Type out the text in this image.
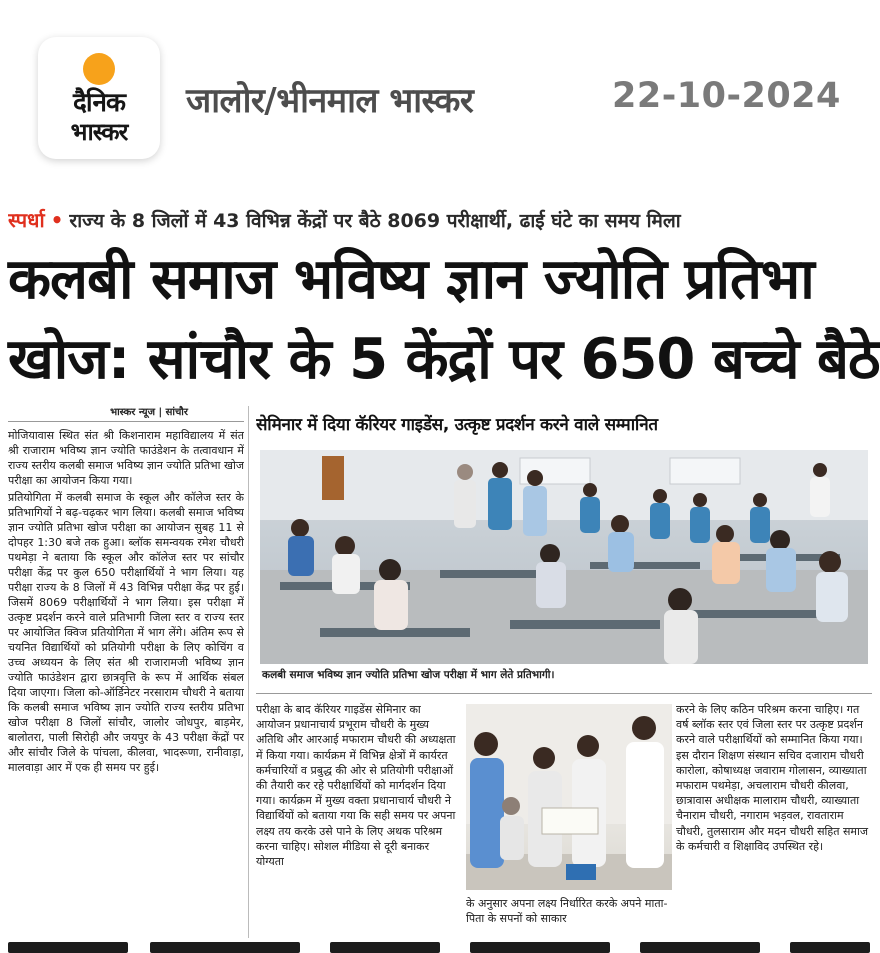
दैनिक
भास्कर
जालोर/भीनमाल भास्कर	22-10-2024
स्पर्धा • राज्य के 8 जिलों में 43 विभिन्न केंद्रों पर बैठे 8069 परीक्षार्थी, ढाई घंटे का समय मिला
कलबी समाज भविष्य ज्ञान ज्योति प्रतिभा
खोज: सांचौर के 5 केंद्रों पर 650 बच्चे बैठे
भास्कर न्यूज | सांचौर

मोजियावास स्थित संत श्री किशनाराम महाविद्यालय में संत श्री राजाराम भविष्य ज्ञान ज्योति फाउंडेशन के तत्वावधान में राज्य स्तरीय कलबी समाज भविष्य ज्ञान ज्योति प्रतिभा खोज परीक्षा का आयोजन किया गया।

प्रतियोगिता में कलबी समाज के स्कूल और कॉलेज स्तर के प्रतिभागियों ने बढ़-चढ़कर भाग लिया। कलबी समाज भविष्य ज्ञान ज्योति प्रतिभा खोज परीक्षा का आयोजन सुबह 11 से दोपहर 1:30 बजे तक हुआ। ब्लॉक समन्वयक रमेश चौधरी पथमेड़ा ने बताया कि स्कूल और कॉलेज स्तर पर सांचौर परीक्षा केंद्र पर कुल 650 परीक्षार्थियों ने भाग लिया। यह परीक्षा राज्य के 8 जिलों में 43 विभिन्न परीक्षा केंद्र पर हुई। जिसमें 8069 परीक्षार्थियों ने भाग लिया। इस परीक्षा में उत्कृष्ट प्रदर्शन करने वाले प्रतिभागी जिला स्तर व राज्य स्तर पर आयोजित क्विज प्रतियोगिता में भाग लेंगे। अंतिम रूप से चयनित विद्यार्थियों को प्रतियोगी परीक्षा के लिए कोचिंग व उच्च अध्ययन के लिए संत श्री राजारामजी भविष्य ज्ञान ज्योति फाउंडेशन द्वारा छात्रवृत्ति के रूप में आर्थिक संबल दिया जाएगा। जिला को-ऑर्डिनेटर नरसाराम चौधरी ने बताया कि कलबी समाज भविष्य ज्ञान ज्योति राज्य स्तरीय प्रतिभा खोज परीक्षा 8 जिलों सांचौर, जालोर जोधपुर, बाड़मेर, बालोतरा, पाली सिरोही और जयपुर के 43 परीक्षा केंद्रों पर और सांचौर जिले के पांचला, कीलवा, भादरूणा, रानीवाड़ा, मालवाड़ा आर में एक ही समय पर हुई।

सेमिनार में दिया कॅरियर गाइडेंस, उत्कृष्ट प्रदर्शन करने वाले सम्मानित
कलबी समाज भविष्य ज्ञान ज्योति प्रतिभा खोज परीक्षा में भाग लेते प्रतिभागी।
परीक्षा के बाद कॅरियर गाइडेंस सेमिनार का आयोजन प्रधानाचार्य प्रभूराम चौधरी के मुख्य अतिथि और आरआई मफाराम चौधरी की अध्यक्षता में किया गया। कार्यक्रम में विभिन्न क्षेत्रों में कार्यरत कर्मचारियों व प्रबुद्ध की ओर से प्रतियोगी परीक्षाओं की तैयारी कर रहे परीक्षार्थियों को मार्गदर्शन दिया गया। कार्यक्रम में मुख्य वक्ता प्रधानाचार्य चौधरी ने विद्यार्थियों को बताया गया कि सही समय पर अपना लक्ष्य तय करके उसे पाने के लिए अथक परिश्रम करना चाहिए। सोशल मीडिया से दूरी बनाकर योग्यता
के अनुसार अपना लक्ष्य निर्धारित करके अपने माता-पिता के सपनों को साकार
करने के लिए कठिन परिश्रम करना चाहिए। गत वर्ष ब्लॉक स्तर एवं जिला स्तर पर उत्कृष्ट प्रदर्शन करने वाले परीक्षार्थियों को सम्मानित किया गया। इस दौरान शिक्षण संस्थान सचिव दजाराम चौधरी कारोला, कोषाध्यक्ष जवाराम गोलासन, व्याख्याता मफाराम पथमेड़ा, अचलाराम चौधरी कीलवा, छात्रावास अधीक्षक मालाराम चौधरी, व्याख्याता चैनाराम चौधरी, नगाराम भड़वल, रावताराम चौधरी, तुलसाराम और मदन चौधरी सहित समाज के कर्मचारी व शिक्षाविद उपस्थित रहे।
